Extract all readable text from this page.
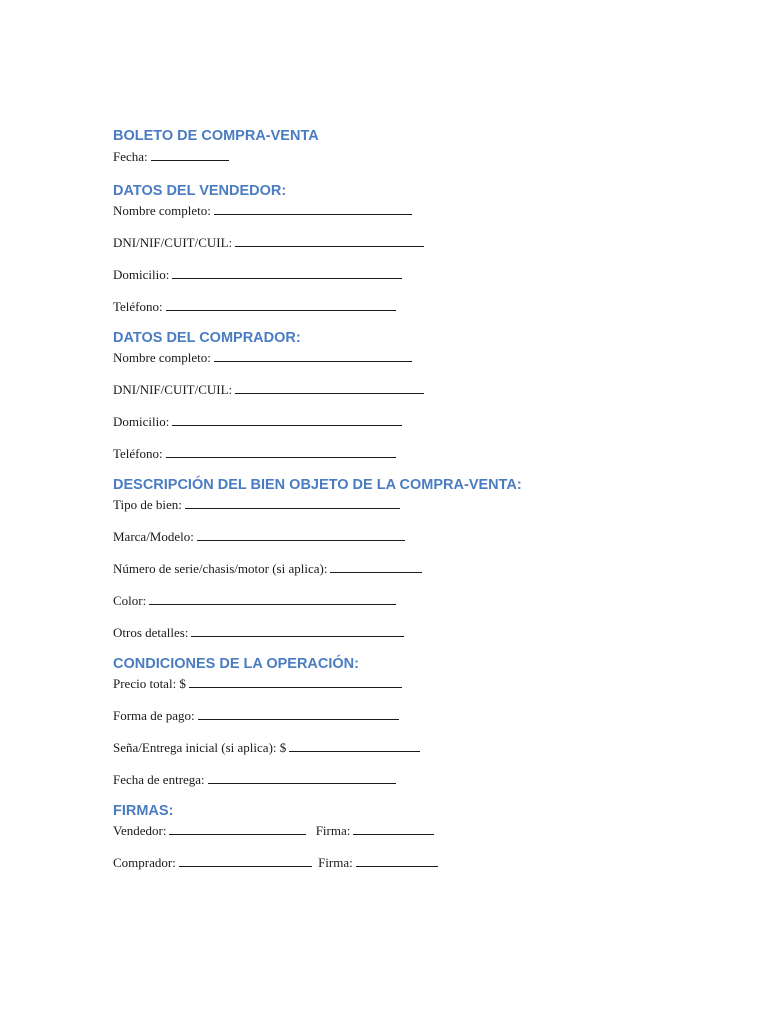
BOLETO DE COMPRA-VENTA
Fecha:
DATOS DEL VENDEDOR:
Nombre completo:
DNI/NIF/CUIT/CUIL:
Domicilio:
Teléfono:
DATOS DEL COMPRADOR:
Nombre completo:
DNI/NIF/CUIT/CUIL:
Domicilio:
Teléfono:
DESCRIPCIÓN DEL BIEN OBJETO DE LA COMPRA-VENTA:
Tipo de bien:
Marca/Modelo:
Número de serie/chasis/motor (si aplica):
Color:
Otros detalles:
CONDICIONES DE LA OPERACIÓN:
Precio total: $
Forma de pago:
Seña/Entrega inicial (si aplica): $
Fecha de entrega:
FIRMAS:
Vendedor:	Firma:
Comprador:	Firma:
